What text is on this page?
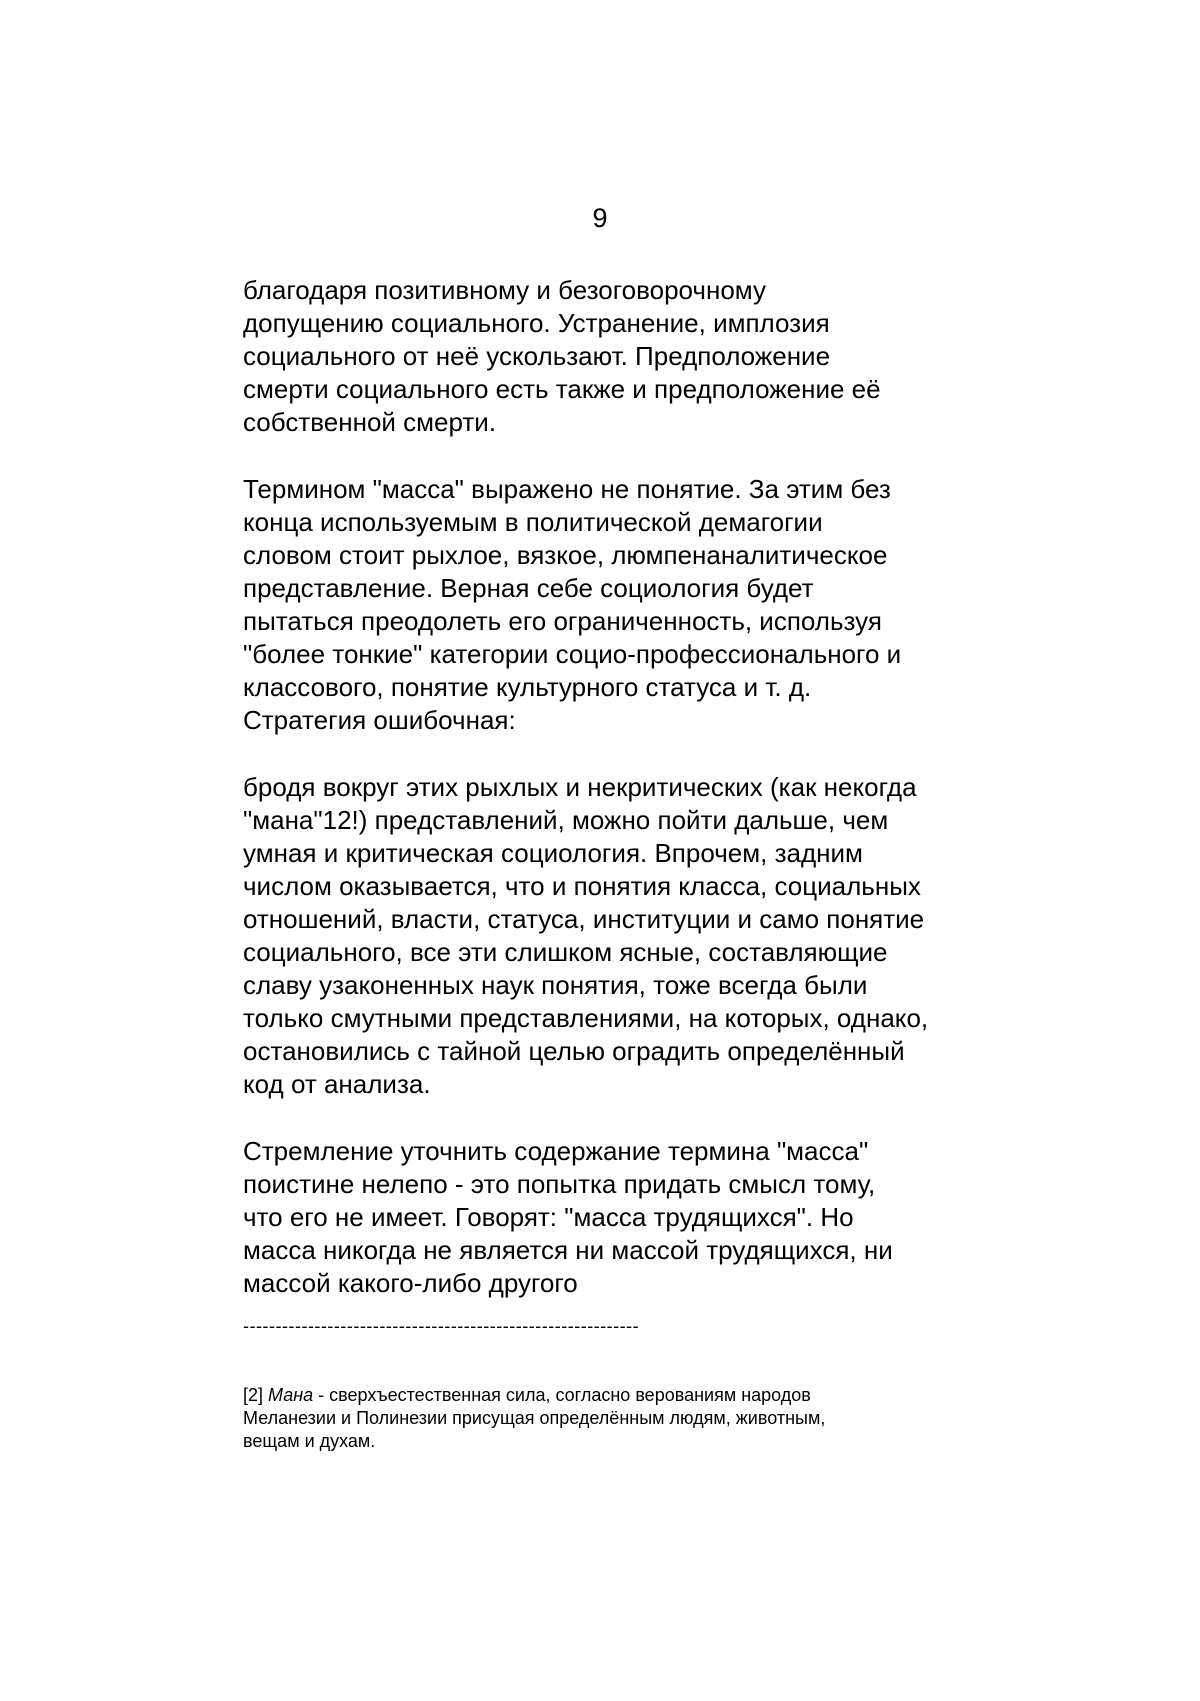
9

благодаря позитивному и безоговорочному
допущению социального. Устранение, имплозия
социального от неё ускользают. Предположение
смерти социального есть также и предположение её
собственной смерти.

Термином "масса" выражено не понятие. За этим без
конца используемым в политической демагогии
словом стоит рыхлое, вязкое, люмпенаналитическое
представление. Верная себе социология будет
пытаться преодолеть его ограниченность, используя
"более тонкие" категории социо-профессионального и
классового, понятие культурного статуса и т. д.
Стратегия ошибочная:

бродя вокруг этих рыхлых и некритических (как некогда
"мана"12!) представлений, можно пойти дальше, чем
умная и критическая социология. Впрочем, задним
числом оказывается, что и понятия класса, социальных
отношений, власти, статуса, институции и само понятие
социального, все эти слишком ясные, составляющие
славу узаконенных наук понятия, тоже всегда были
только смутными представлениями, на которых, однако,
остановились с тайной целью оградить определённый
код от анализа.

Стремление уточнить содержание термина "масса"
поистине нелепо - это попытка придать смысл тому,
что его не имеет. Говорят: "масса трудящихся". Но
масса никогда не является ни массой трудящихся, ни
массой какого-либо другого

-------------------------------------------------------------
[2] Мана - сверхъестественная сила, согласно верованиям народов
Меланезии и Полинезии присущая определённым людям, животным,
вещам и духам.
